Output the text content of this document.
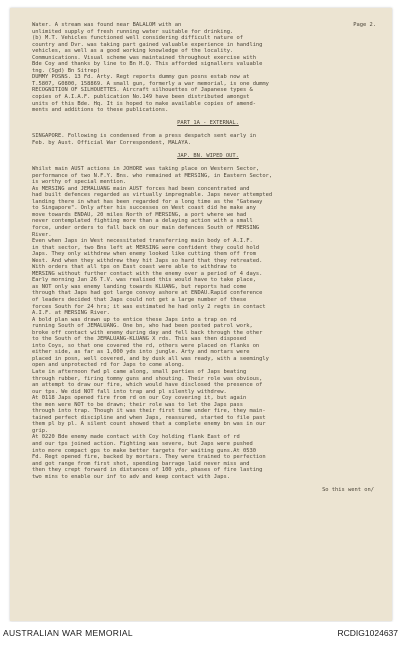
Page 2.
Water. A stream was found near BALALOM with an
unlimited supply of fresh running water suitable for drinking.
(b) M.T. Vehicles functioned well considering difficult nature of
country and Dvr. was taking part gained valuable experience in handling
vehicles, as well as a good working knowledge of the locality.
Communications. Visual scheme was maintained throughout exercise with
Bde Coy and thanks by line to Bn H.Q. This afforded signallers valuable
tng. (Sgd) Bn Sitrep)
DUMMY POSNS. 13 Fd. Arty. Regt reports dummy gun posns estab now at
T.5807, G0800, 158869. A small gun, formerly a war memorial, is one dummy
RECOGNITION OF SILHOUETTES. Aircraft silhouettes of Japanese types &
copies of A.I.A.F. publication No.149 have been distributed amongst
units of this Bde. Hq. It is hoped to make available copies of amend-
ments and additions to these publications.
PART 1A - EXTERNAL.
SINGAPORE. Following is condensed from a press despatch sent early in
Feb. by Aust. Official War Correspondent, MALAYA.
JAP. BN. WIPED OUT.
Whilst main AUST actions in JOHORE was taking place on Western Sector,
performance of two N.F.Y. Bns. who remained at MERSING, in Eastern Sector,
is worthy of special mention.
As MERSING and JEMALUANG main AUST forces had been concentrated and
had built defences regarded as virtually impregnable. Japs never attempted
landing there in what has been regarded for a long time as the "Gateway
to Singapore". Only after his successes on West coast did he make any
move towards ENDAU, 20 miles North of MERSING, a port where we had
never contemplated fighting more than a delaying action with a small
force, under orders to fall back on our main defences South of MERSING
River.
Even when Japs in West necessitated transferring main body of A.I.F.
in that sector, two Bns left at MERSING were confident they could hold
Japs. They only withdrew when enemy looked like cutting them off from
West. And when they withdrew they hit Japs so hard that they retreated.
With orders that all tps on East coast were able to withdraw to
MERSING without further contact with the enemy over a period of 4 days.
Early morning Jan 26 T.V. was realised this would have to take place,
as NOT only was enemy landing towards KLUANG, but reports had come
through that Japs had got large convoy ashore at ENDAU.Rapid conference
of leaders decided that Japs could not get a large number of these
forces South for 24 hrs; it was estimated he had only 2 regts in contact
A.I.F. at MERSING River.
A bold plan was drawn up to entice these Japs into a trap on rd
running South of JEMALUANG. One bn, who had been posted patrol work,
broke off contact with enemy during day and fell back through the other
to the South of the JEMALUANG-KLUANG X rds. This was then disposed
into Coys, so that one covered the rd, others were placed on flanks on
either side, as far as 1,000 yds into jungle. Arty and mortars were
placed in posn, well covered, and by dusk all was ready, with a seemingly
open and unprotected rd for Japs to come along.
Late in afternoon fwd pl came along, small parties of Japs beating
through rubber, firing tommy guns and shouting. Their role was obvious,
an attempt to draw our fire, which would have disclosed the presence of
our tps. We did NOT fall into trap and pl silently withdrew.
At 0118 Japs opened fire from rd on our Coy covering it, but again
the men were NOT to be drawn; their role was to let the Japs pass
through into trap. Though it was their first time under fire, they main-
tained perfect discipline and when Japs, reassured, started to file past
them pl by pl. A silent count showed that a complete enemy bn was in our
grip.
At 0220 Bde enemy made contact with Coy holding flank East of rd
and our tps joined action. Fighting was severe, but Japs were pushed
into more compact gps to make better targets for waiting guns.At 0530
Fd. Regt opened fire, backed by mortars. They were trained to perfection
and got range from first shot, spending barrage laid never miss and
then they crept forward in distances of 100 yds, phases of fire lasting
two mins to enable our inf to adv and keep contact with Japs.
So this went on/
AUSTRALIAN WAR MEMORIAL	RCDIG1024637
